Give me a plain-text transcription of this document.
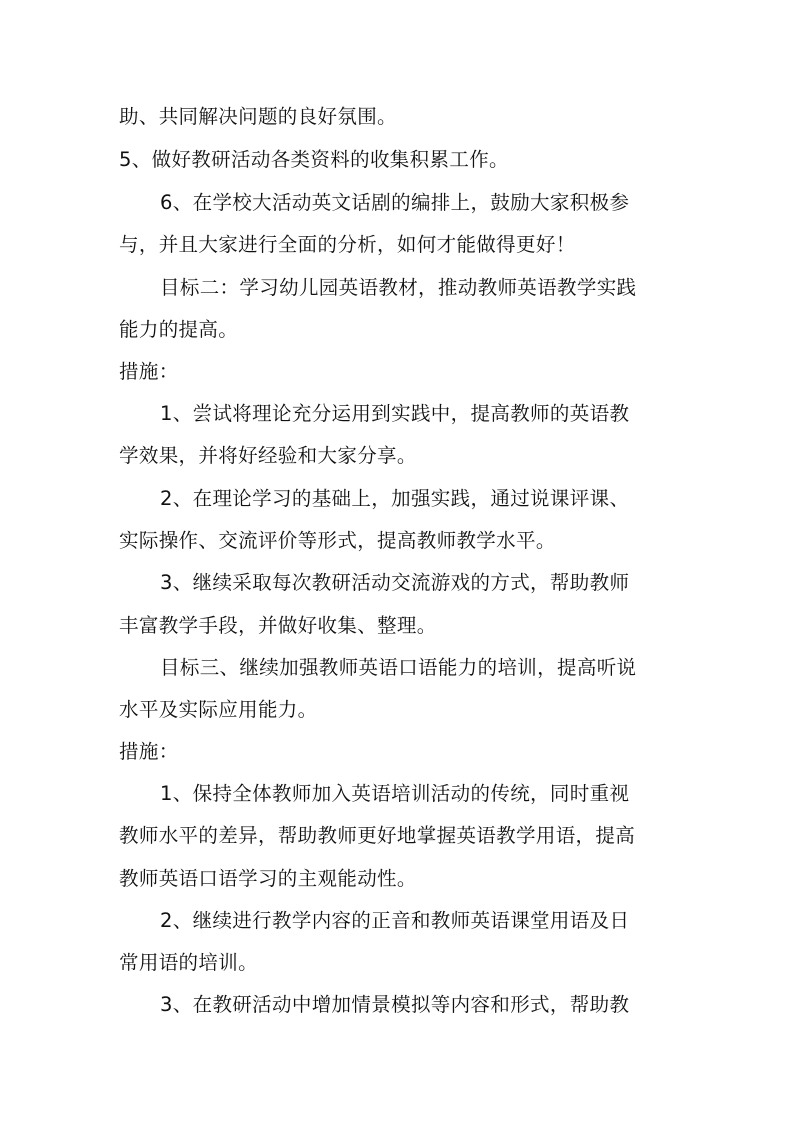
助、共同解决问题的良好氛围。
5、做好教研活动各类资料的收集积累工作。
6、在学校大活动英文话剧的编排上，鼓励大家积极参
与，并且大家进行全面的分析，如何才能做得更好！
目标二：学习幼儿园英语教材，推动教师英语教学实践
能力的提高。
措施：
1、尝试将理论充分运用到实践中，提高教师的英语教
学效果，并将好经验和大家分享。
2、在理论学习的基础上，加强实践，通过说课评课、
实际操作、交流评价等形式，提高教师教学水平。
3、继续采取每次教研活动交流游戏的方式，帮助教师
丰富教学手段，并做好收集、整理。
目标三、继续加强教师英语口语能力的培训，提高听说
水平及实际应用能力。
措施：
1、保持全体教师加入英语培训活动的传统，同时重视
教师水平的差异，帮助教师更好地掌握英语教学用语，提高
教师英语口语学习的主观能动性。
2、继续进行教学内容的正音和教师英语课堂用语及日
常用语的培训。
3、在教研活动中增加情景模拟等内容和形式，帮助教
